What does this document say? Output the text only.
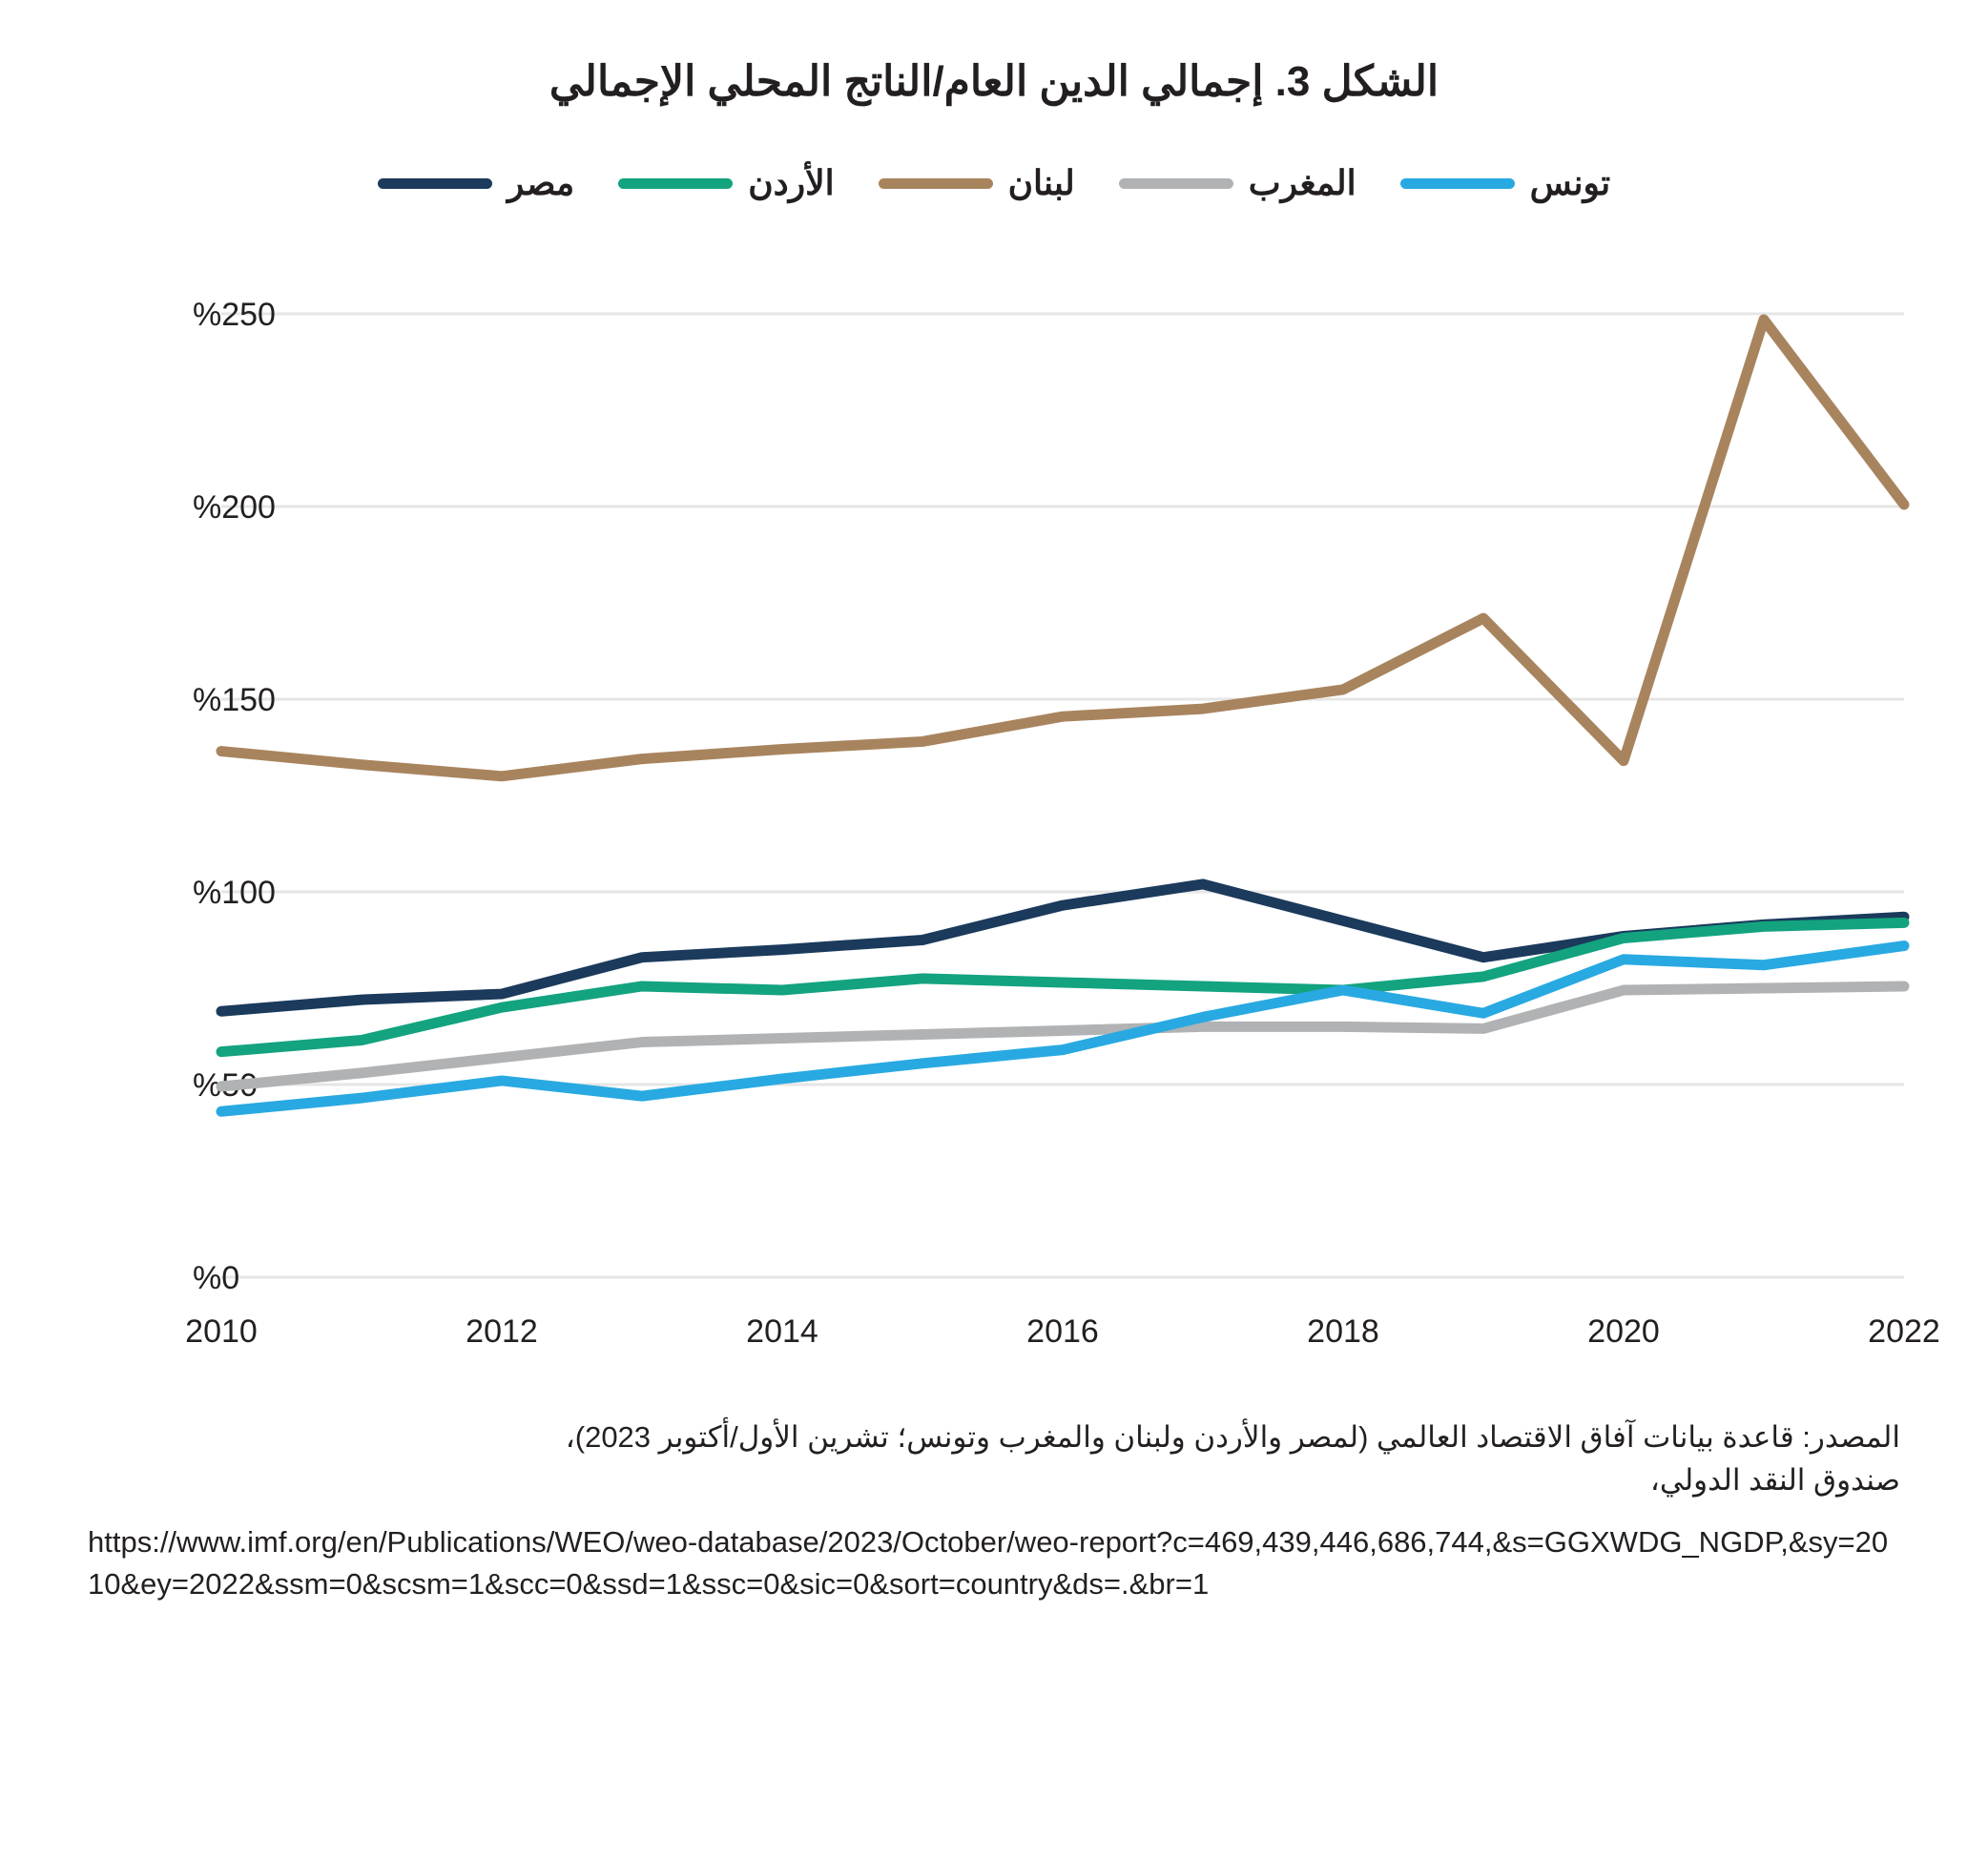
الشكل 3. إجمالي الدين العام/الناتج المحلي الإجمالي
مصر	الأردن	لبنان	المغرب	تونس
%0
%50
%100
%150
%200
%250
2010	2012	2014	2016	2018	2020	2022
المصدر: قاعدة بيانات آفاق الاقتصاد العالمي (لمصر والأردن ولبنان والمغرب وتونس؛ تشرين الأول/أكتوبر 2023)،
صندوق النقد الدولي،
https://www.imf.org/en/Publications/WEO/weo-database/2023/October/weo-report?c=469,439,446,686,744,&s=GGXWDG_NGDP,&sy=2010&ey=2022&ssm=0&scsm=1&scc=0&ssd=1&ssc=0&sic=0&sort=country&ds=.&br=1
